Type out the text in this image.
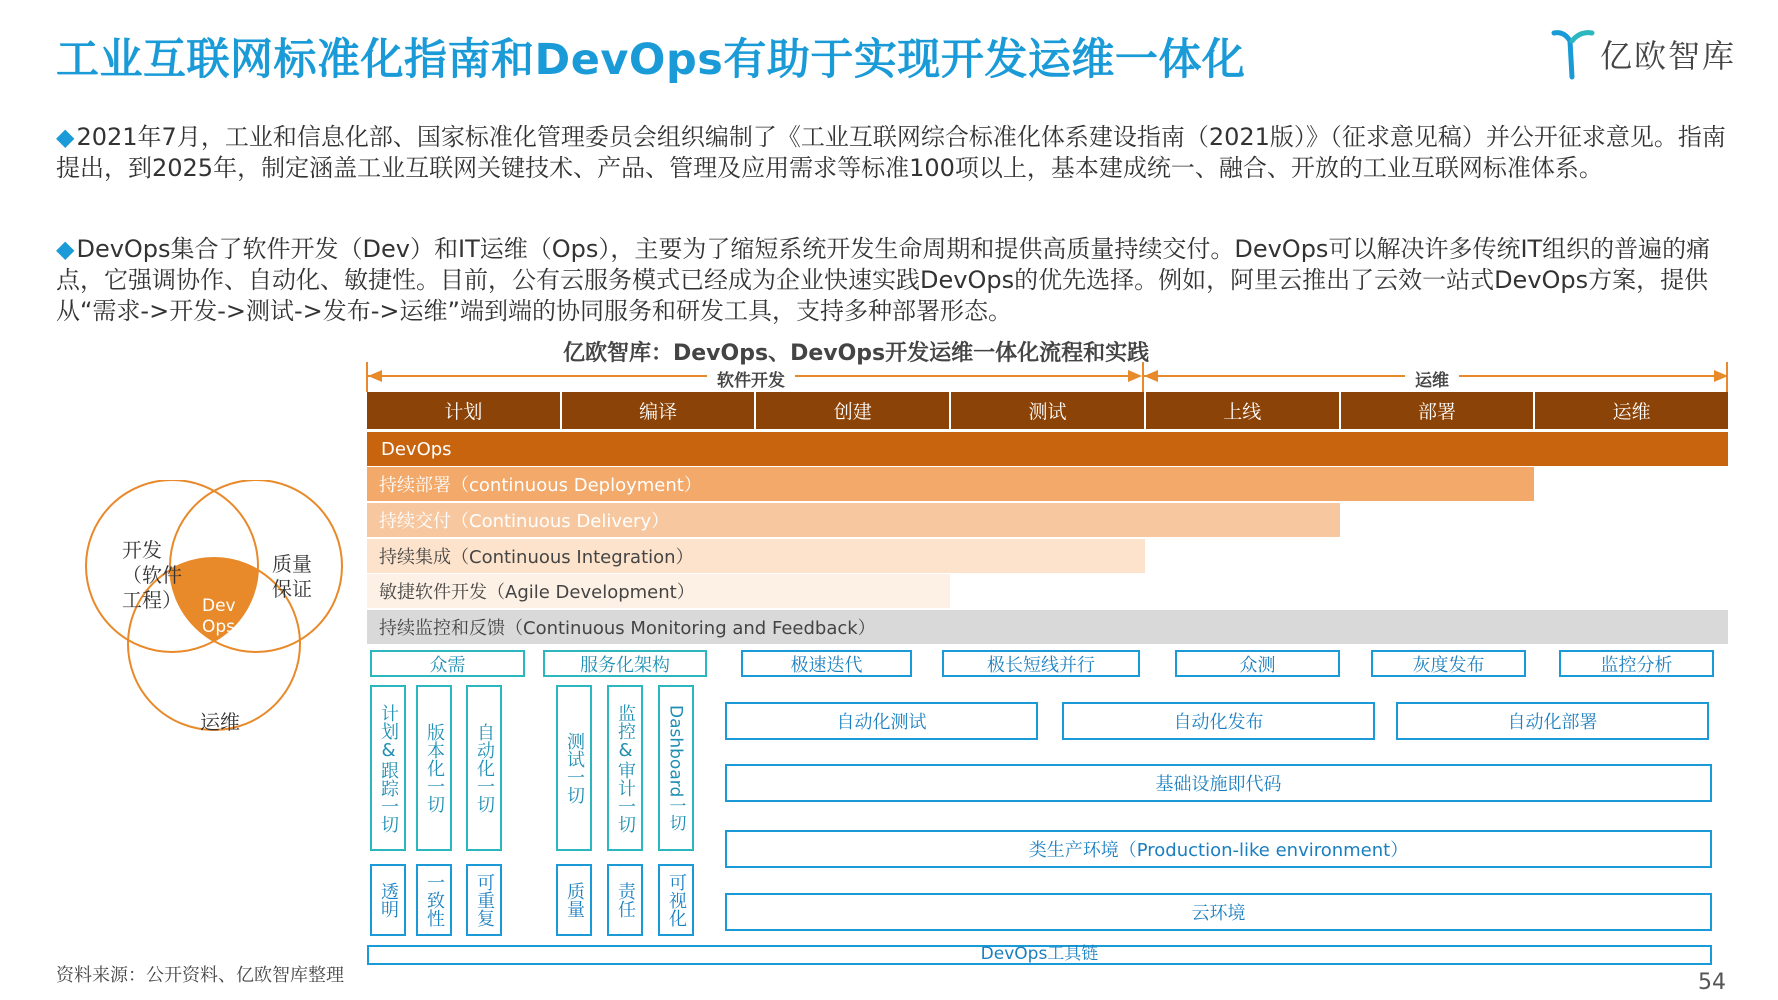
工业互联网标准化指南和DevOps有助于实现开发运维一体化	亿欧智库
◆2021年7月，工业和信息化部、国家标准化管理委员会组织编制了《工业互联网综合标准化体系建设指南（2021版）》（征求意见稿）并公开征求意见。指南提出，到2025年，制定涵盖工业互联网关键技术、产品、管理及应用需求等标准100项以上，基本建成统一、融合、开放的工业互联网标准体系。
◆DevOps集合了软件开发（Dev）和IT运维（Ops），主要为了缩短系统开发生命周期和提供高质量持续交付。DevOps可以解决许多传统IT组织的普遍的痛点，它强调协作、自动化、敏捷性。目前，公有云服务模式已经成为企业快速实践DevOps的优先选择。例如，阿里云推出了云效一站式DevOps方案，提供从“需求->开发->测试->发布->运维”端到端的协同服务和研发工具，支持多种部署形态。
亿欧智库：DevOps、DevOps开发运维一体化流程和实践
软件开发	运维
计划	编译	创建	测试	上线	部署	运维
DevOps
持续部署（continuous Deployment）
持续交付（Continuous Delivery）
持续集成（Continuous Integration）
敏捷软件开发（Agile Development）
持续监控和反馈（Continuous Monitoring and Feedback）
众需	服务化架构	极速迭代	极长短线并行	众测	灰度发布	监控分析
计划&跟踪一切	版本化一切	自动化一切	测试一切	监控&审计一切	Dashboard一切
透明	一致性	可重复	质量	责任	可视化
自动化测试	自动化发布	自动化部署
基础设施即代码
类生产环境（Production-like environment）
云环境
DevOps工具链
开发
（软件
工程）
质量
保证
运维
Dev
Ops
资料来源：公开资料、亿欧智库整理	54
